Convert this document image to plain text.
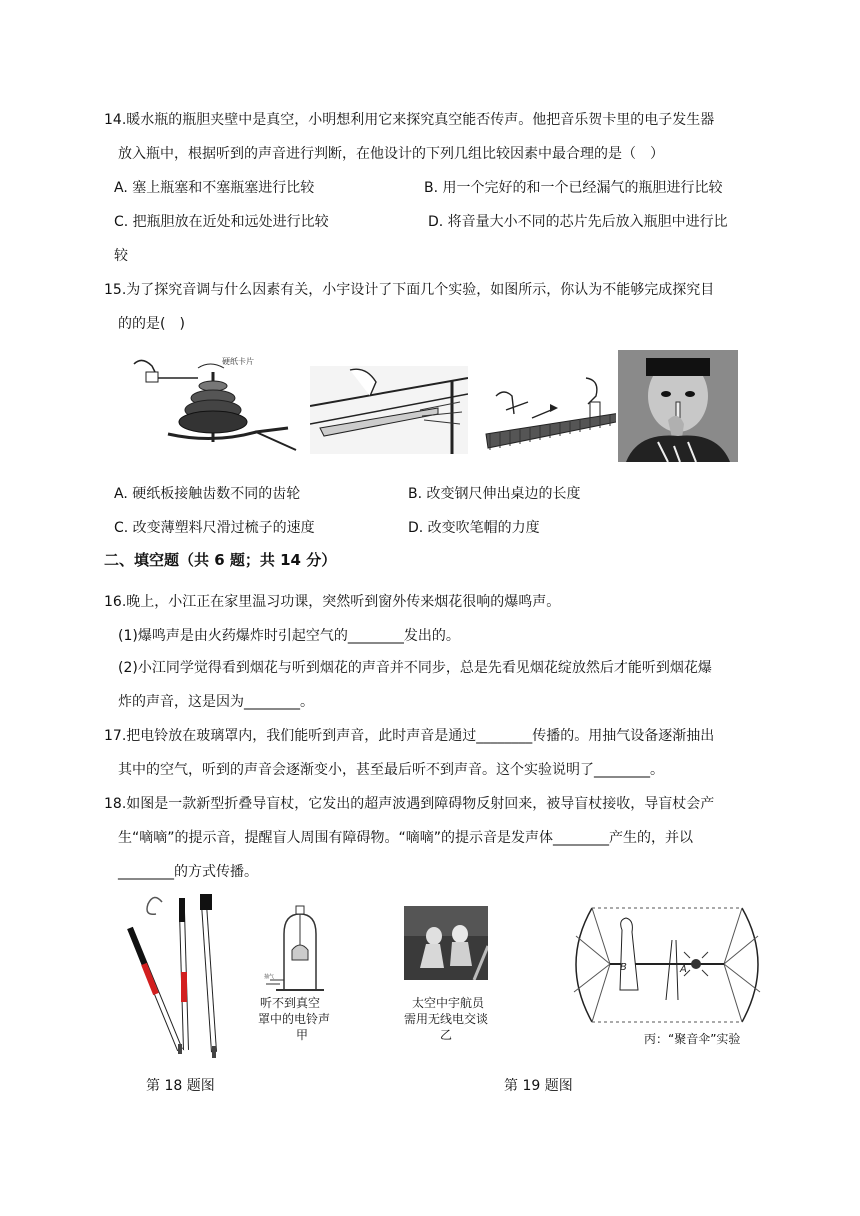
14.暖水瓶的瓶胆夹壁中是真空，小明想利用它来探究真空能否传声。他把音乐贺卡里的电子发生器
放入瓶中，根据听到的声音进行判断，在他设计的下列几组比较因素中最合理的是（　）
A. 塞上瓶塞和不塞瓶塞进行比较	B. 用一个完好的和一个已经漏气的瓶胆进行比较
C. 把瓶胆放在近处和远处进行比较	D. 将音量大小不同的芯片先后放入瓶胆中进行比
较
15.为了探究音调与什么因素有关，小宇设计了下面几个实验，如图所示，你认为不能够完成探究目
的的是(　)
硬纸卡片
A. 硬纸板接触齿数不同的齿轮	B. 改变钢尺伸出桌边的长度
C. 改变薄塑料尺滑过梳子的速度	D. 改变吹笔帽的力度
二、填空题（共 6 题；共 14 分）
16.晚上，小江正在家里温习功课，突然听到窗外传来烟花很响的爆鸣声。
(1)爆鸣声是由火药爆炸时引起空气的________发出的。
(2)小江同学觉得看到烟花与听到烟花的声音并不同步，总是先看见烟花绽放然后才能听到烟花爆
炸的声音，这是因为________。
17.把电铃放在玻璃罩内，我们能听到声音，此时声音是通过________传播的。用抽气设备逐渐抽出
其中的空气，听到的声音会逐渐变小，甚至最后听不到声音。这个实验说明了________。
18.如图是一款新型折叠导盲杖，它发出的超声波遇到障碍物反射回来，被导盲杖接收，导盲杖会产
生“嘀嘀”的提示音，提醒盲人周围有障碍物。“嘀嘀”的提示音是发声体________产生的，并以
________的方式传播。
抽气
听不到真空
罩中的电铃声
甲
太空中宇航员
需用无线电交谈
乙
B	A
丙：“聚音伞”实验
第 18 题图	第 19 题图
